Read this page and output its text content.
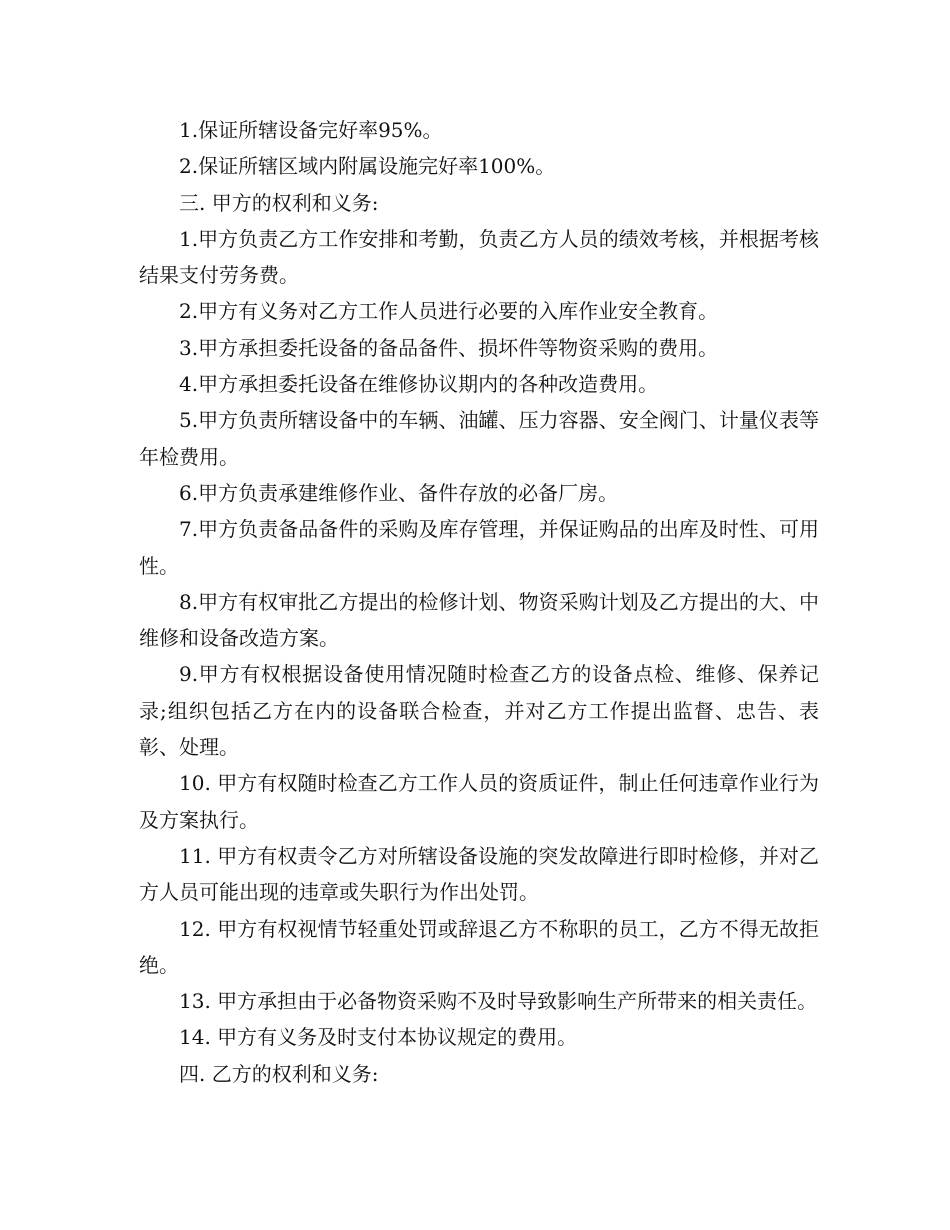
1.保证所辖设备完好率95%。

2.保证所辖区域内附属设施完好率100%。

三. 甲方的权利和义务:

1.甲方负责乙方工作安排和考勤，负责乙方人员的绩效考核，并根据考核结果支付劳务费。

2.甲方有义务对乙方工作人员进行必要的入库作业安全教育。

3.甲方承担委托设备的备品备件、损坏件等物资采购的费用。

4.甲方承担委托设备在维修协议期内的各种改造费用。

5.甲方负责所辖设备中的车辆、油罐、压力容器、安全阀门、计量仪表等年检费用。

6.甲方负责承建维修作业、备件存放的必备厂房。

7.甲方负责备品备件的采购及库存管理，并保证购品的出库及时性、可用性。

8.甲方有权审批乙方提出的检修计划、物资采购计划及乙方提出的大、中维修和设备改造方案。

9.甲方有权根据设备使用情况随时检查乙方的设备点检、维修、保养记录;组织包括乙方在内的设备联合检查，并对乙方工作提出监督、忠告、表彰、处理。

10. 甲方有权随时检查乙方工作人员的资质证件，制止任何违章作业行为及方案执行。

11. 甲方有权责令乙方对所辖设备设施的突发故障进行即时检修，并对乙方人员可能出现的违章或失职行为作出处罚。

12. 甲方有权视情节轻重处罚或辞退乙方不称职的员工，乙方不得无故拒绝。

13. 甲方承担由于必备物资采购不及时导致影响生产所带来的相关责任。

14. 甲方有义务及时支付本协议规定的费用。

四. 乙方的权利和义务:
